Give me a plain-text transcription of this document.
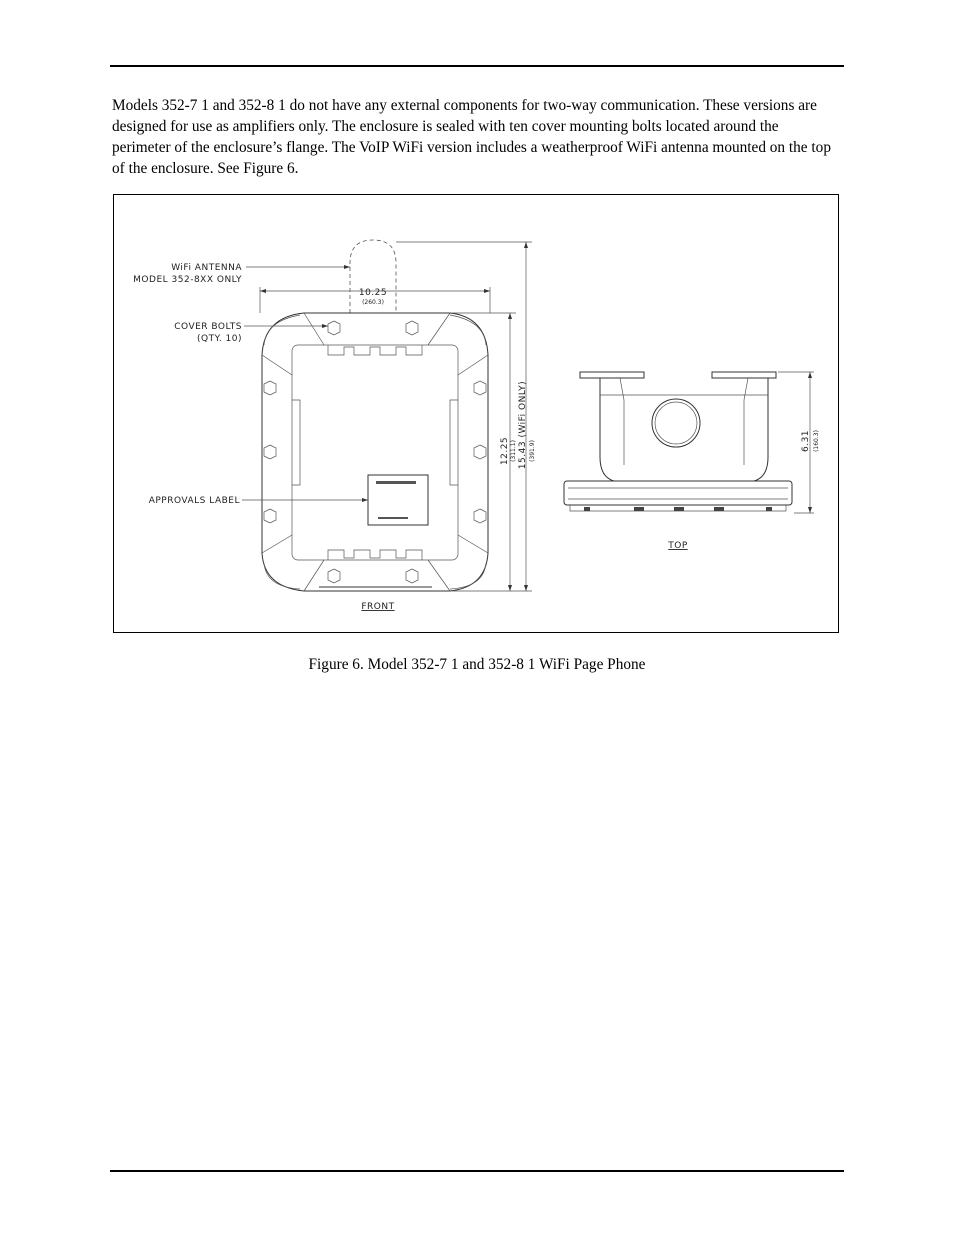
Models 352-7 1 and 352-8 1 do not have any external components for two-way communication. These versions are designed for use as amplifiers only. The enclosure is sealed with ten cover mounting bolts located around the perimeter of the enclosure’s flange. The VoIP WiFi version includes a weatherproof WiFi antenna mounted on the top of the enclosure. See Figure 6.

10.25
(260.3)
12.25 (311.1) 15.43 (WiFi ONLY) (391.9)
WiFi ANTENNA
MODEL 352-8XX ONLY
COVER BOLTS
(QTY. 10)
APPROVALS LABEL
FRONT
6.31 (160.3)
TOP

Figure 6. Model 352-7 1 and 352-8 1 WiFi Page Phone
